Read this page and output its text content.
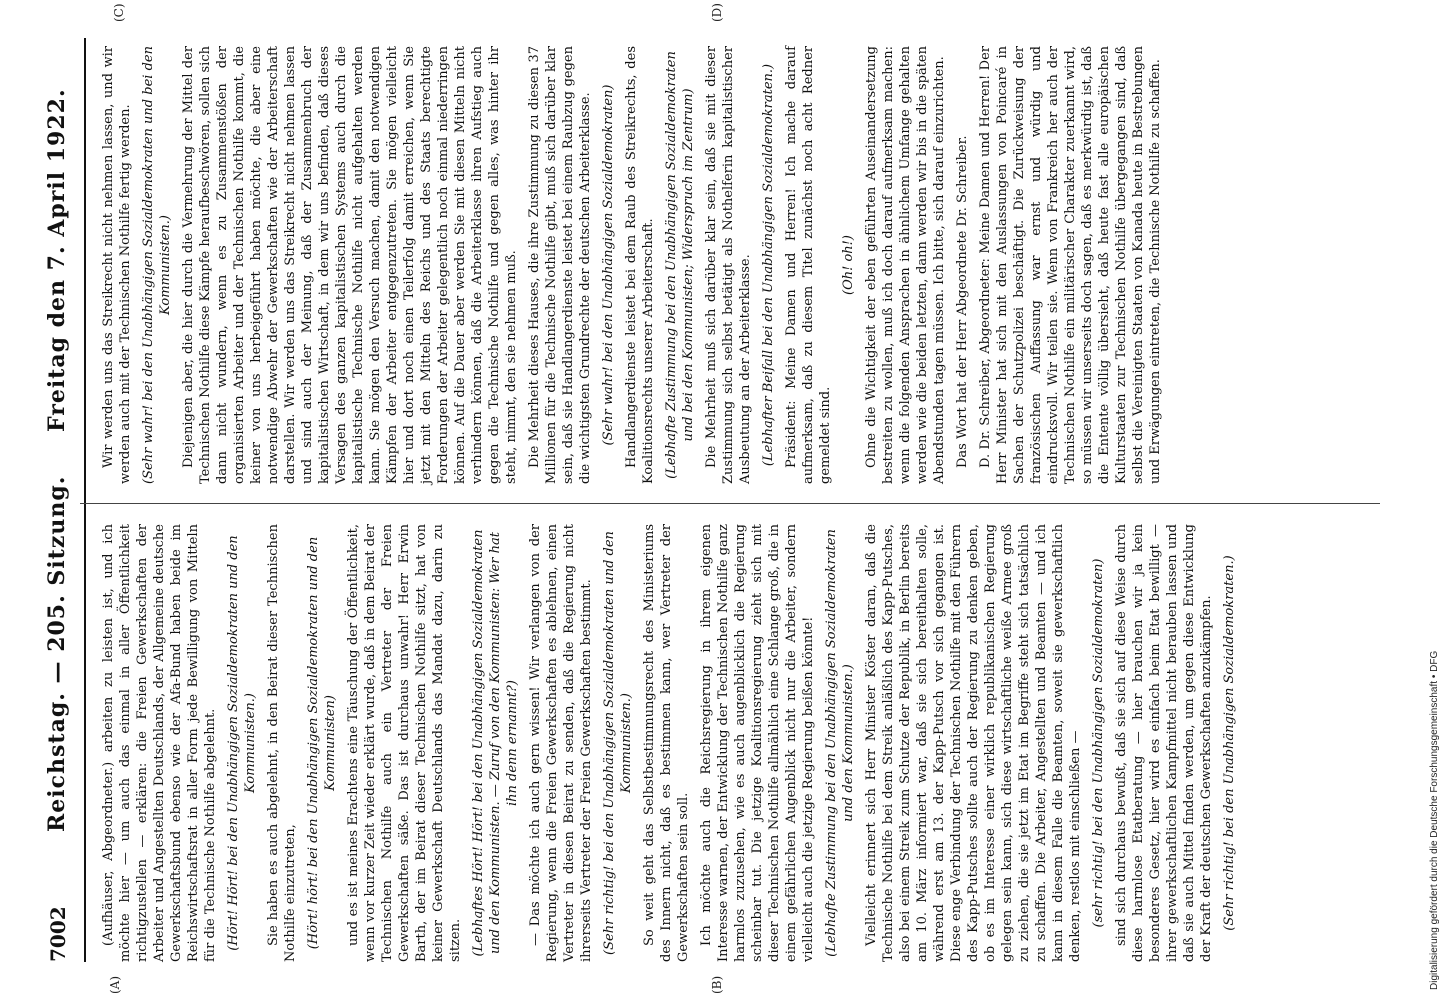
7002
Reichstag. — 205. Sitzung.
Freitag den 7. April 1922.
(A)	(B)
(C)	(D)

(Aufhäuser, Abgeordneter.) arbeiten zu leisten ist, und ich möchte hier — um auch das einmal in aller Öffentlichkeit richtigzustellen — erklären: die Freien Gewerkschaften der Arbeiter und Angestellten Deutschlands, der Allgemeine deutsche Gewerkschaftsbund ebenso wie der Afa-Bund haben beide im Reichswirtschaftsrat in aller Form jede Bewilligung von Mitteln für die Technische Nothilfe abgelehnt. (Hört! Hört! bei den Unabhängigen Sozialdemokraten und den Kommunisten.) Sie haben es auch abgelehnt, in den Beirat dieser Technischen Nothilfe einzutreten, (Hört! hört! bei den Unabhängigen Sozialdemokraten und den Kommunisten) und es ist meines Erachtens eine Täuschung der Öffentlichkeit, wenn vor kurzer Zeit wieder erklärt wurde, daß in dem Beirat der Technischen Nothilfe auch ein Vertreter der Freien Gewerkschaften säße. Das ist durchaus unwahr! Herr Erwin Barth, der im Beirat dieser Technischen Nothilfe sitzt, hat von keiner Gewerkschaft Deutschlands das Mandat dazu, darin zu sitzen. (Lebhaftes Hört! Hört! bei den Unabhängigen Sozialdemokraten und den Kommunisten. — Zuruf von den Kommunisten: Wer hat ihn denn ernannt?) — Das möchte ich auch gern wissen! Wir verlangen von der Regierung, wenn die Freien Gewerkschaften es ablehnen, einen Vertreter in diesen Beirat zu senden, daß die Regierung nicht ihrerseits Vertreter der Freien Gewerkschaften bestimmt. (Sehr richtig! bei den Unabhängigen Sozialdemokraten und den Kommunisten.) So weit geht das Selbstbestimmungsrecht des Ministeriums des Innern nicht, daß es bestimmen kann, wer Vertreter der Gewerkschaften sein soll. Ich möchte auch die Reichsregierung in ihrem eigenen Interesse warnen, der Entwicklung der Technischen Nothilfe ganz harmlos zuzusehen, wie es auch augenblicklich die Regierung scheinbar tut. Die jetzige Koalitionsregierung zieht sich mit dieser Technischen Nothilfe allmählich eine Schlange groß, die in einem gefährlichen Augenblick nicht nur die Arbeiter, sondern vielleicht auch die jetzige Regierung beißen könnte! (Lebhafte Zustimmung bei den Unabhängigen Sozialdemokraten und den Kommunisten.) Vielleicht erinnert sich Herr Minister Köster daran, daß die Technische Nothilfe bei dem Streik anläßlich des Kapp-Putsches, also bei einem Streik zum Schutze der Republik, in Berlin bereits am 10. März informiert war, daß sie sich bereithalten solle, während erst am 13. der Kapp-Putsch vor sich gegangen ist. Diese enge Verbindung der Technischen Nothilfe mit den Führern des Kapp-Putsches sollte auch der Regierung zu denken geben, ob es im Interesse einer wirklich republikanischen Regierung gelegen sein kann, sich diese wirtschaftliche weiße Armee groß zu ziehen, die sie jetzt im Etat im Begriffe steht sich tatsächlich zu schaffen. Die Arbeiter, Angestellten und Beamten — und ich kann in diesem Falle die Beamten, soweit sie gewerkschaftlich denken, restlos mit einschließen — (sehr richtig! bei den Unabhängigen Sozialdemokraten) sind sich durchaus bewußt, daß sie sich auf diese Weise durch diese harmlose Etatberatung — hier brauchen wir ja kein besonderes Gesetz, hier wird es einfach beim Etat bewilligt — ihrer gewerkschaftlichen Kampfmittel nicht berauben lassen und daß sie auch Mittel finden werden, um gegen diese Entwicklung der Kraft der deutschen Gewerkschaften anzukämpfen. (Sehr richtig! bei den Unabhängigen Sozialdemokraten.)

Wir werden uns das Streikrecht nicht nehmen lassen, und wir werden auch mit der Technischen Nothilfe fertig werden. (Sehr wahr! bei den Unabhängigen Sozialdemokraten und bei den Kommunisten.) Diejenigen aber, die hier durch die Vermehrung der Mittel der Technischen Nothilfe diese Kämpfe heraufbeschwören, sollen sich dann nicht wundern, wenn es zu Zusammenstößen der organisierten Arbeiter und der Technischen Nothilfe kommt, die keiner von uns herbeigeführt haben möchte, die aber eine notwendige Abwehr der Gewerkschaften wie der Arbeiterschaft darstellen. Wir werden uns das Streikrecht nicht nehmen lassen und sind auch der Meinung, daß der Zusammenbruch der kapitalistischen Wirtschaft, in dem wir uns befinden, daß dieses Versagen des ganzen kapitalistischen Systems auch durch die kapitalistische Technische Nothilfe nicht aufgehalten werden kann. Sie mögen den Versuch machen, damit den notwendigen Kämpfen der Arbeiter entgegenzutreten. Sie mögen vielleicht hier und dort noch einen Teilerfolg damit erreichen, wenn Sie jetzt mit den Mitteln des Reichs und des Staats berechtigte Forderungen der Arbeiter gelegentlich noch einmal niederringen können. Auf die Dauer aber werden Sie mit diesen Mitteln nicht verhindern können, daß die Arbeiterklasse ihren Aufstieg auch gegen die Technische Nothilfe und gegen alles, was hinter ihr steht, nimmt, den sie nehmen muß. Die Mehrheit dieses Hauses, die ihre Zustimmung zu diesen 37 Millionen für die Technische Nothilfe gibt, muß sich darüber klar sein, daß sie Handlangerdienste leistet bei einem Raubzug gegen die wichtigsten Grundrechte der deutschen Arbeiterklasse. (Sehr wahr! bei den Unabhängigen Sozialdemokraten) Handlangerdienste leistet bei dem Raub des Streikrechts, des Koalitionsrechts unserer Arbeiterschaft. (Lebhafte Zustimmung bei den Unabhängigen Sozialdemokraten und bei den Kommunisten; Widerspruch im Zentrum) Die Mehrheit muß sich darüber klar sein, daß sie mit dieser Zustimmung sich selbst betätigt als Nothelferin kapitalistischer Ausbeutung an der Arbeiterklasse. (Lebhafter Beifall bei den Unabhängigen Sozialdemokraten.) Präsident: Meine Damen und Herren! Ich mache darauf aufmerksam, daß zu diesem Titel zunächst noch acht Redner gemeldet sind.

(Oh! oh!) Ohne die Wichtigkeit der eben geführten Auseinandersetzung bestreiten zu wollen, muß ich doch darauf aufmerksam machen: wenn die folgenden Ansprachen in ähnlichem Umfange gehalten werden wie die beiden letzten, dann werden wir bis in die späten Abendstunden tagen müssen. Ich bitte, sich darauf einzurichten. Das Wort hat der Herr Abgeordnete Dr. Schreiber. D. Dr. Schreiber, Abgeordneter: Meine Damen und Herren! Der Herr Minister hat sich mit den Auslassungen von Poincaré in Sachen der Schutzpolizei beschäftigt. Die Zurückweisung der französischen Auffassung war ernst und würdig und eindrucksvoll. Wir teilen sie. Wenn von Frankreich her auch der Technischen Nothilfe ein militärischer Charakter zuerkannt wird, so müssen wir unserseits doch sagen, daß es merkwürdig ist, daß die Entente völlig übersieht, daß heute fast alle europäischen Kulturstaaten zur Technischen Nothilfe übergegangen sind, daß selbst die Vereinigten Staaten von Kanada heute in Bestrebungen und Erwägungen eintreten, die Technische Nothilfe zu schaffen.

Digitalisierung gefördert durch die Deutsche Forschungsgemeinschaft • DFG
